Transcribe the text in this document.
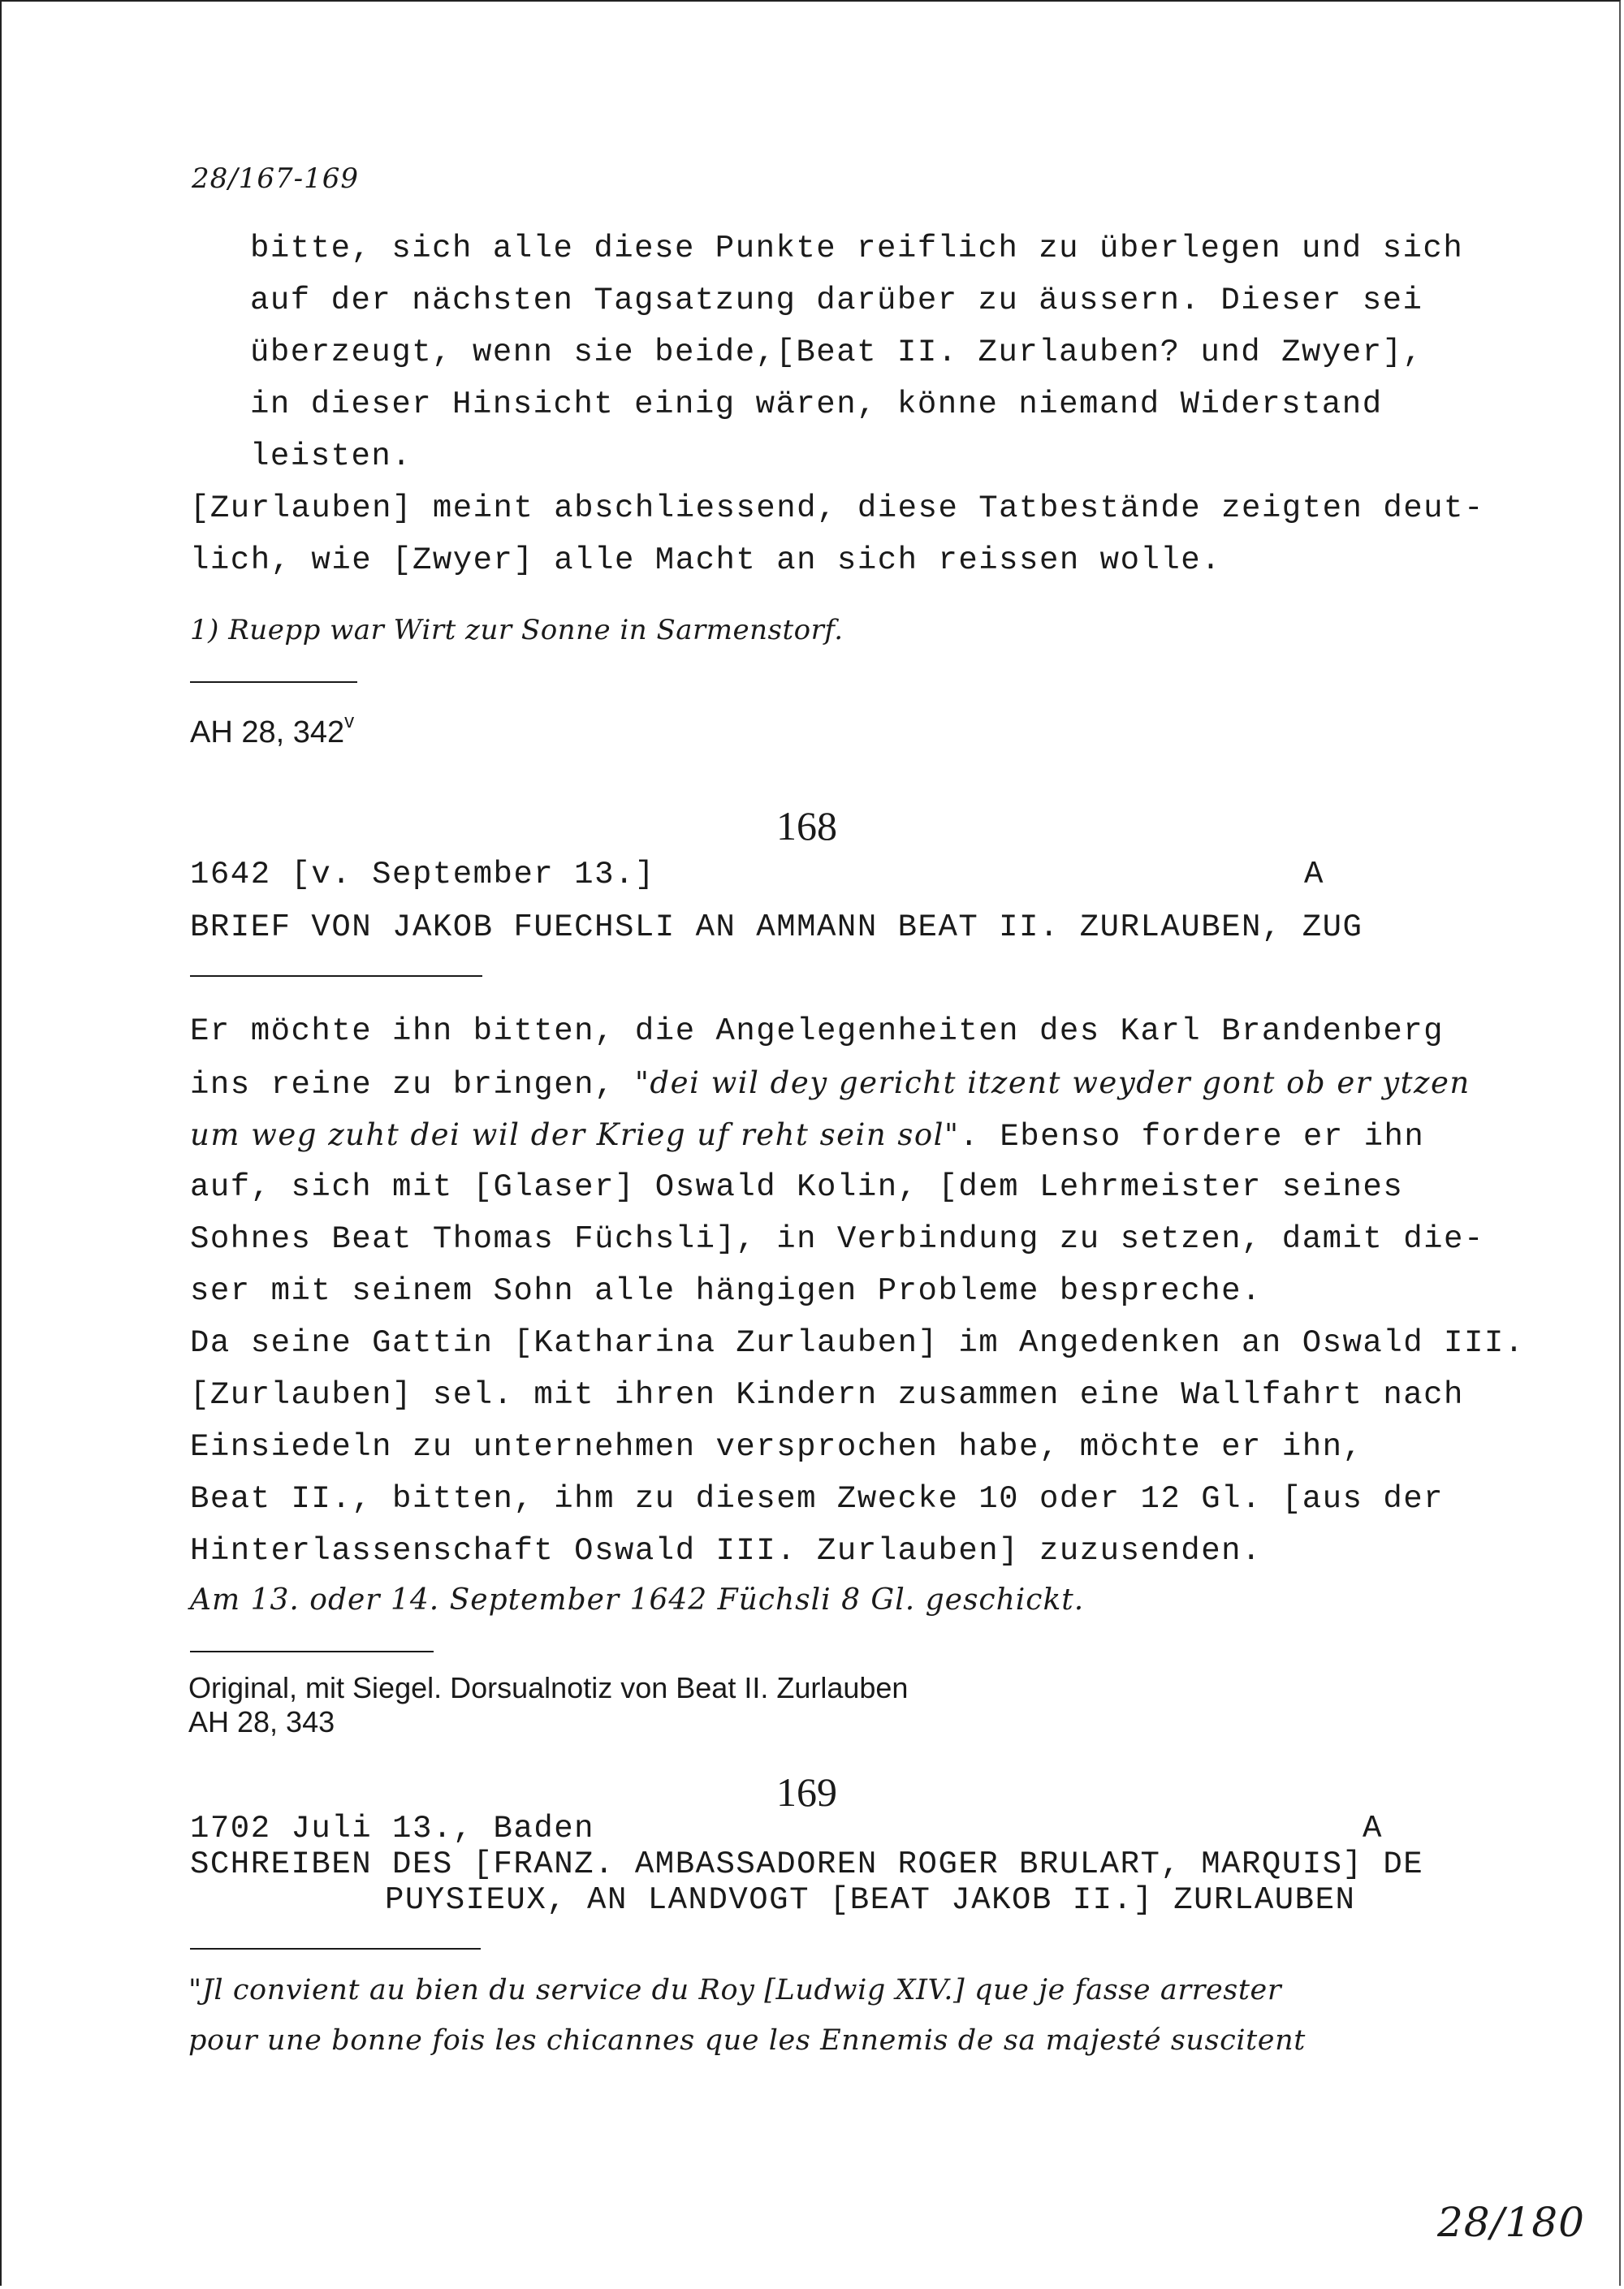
28/167-169
bitte, sich alle diese Punkte reiflich zu überlegen und sich
auf der nächsten Tagsatzung darüber zu äussern. Dieser sei
überzeugt, wenn sie beide,[Beat II. Zurlauben? und Zwyer],
in dieser Hinsicht einig wären, könne niemand Widerstand
leisten.
[Zurlauben] meint abschliessend, diese Tatbestände zeigten deut-
lich, wie [Zwyer] alle Macht an sich reissen wolle.
1) Ruepp war Wirt zur Sonne in Sarmenstorf.
AH 28, 342$^v$
168
1642 [v. September 13.]	A
BRIEF VON JAKOB FUECHSLI AN AMMANN BEAT II. ZURLAUBEN, ZUG
Er möchte ihn bitten, die Angelegenheiten des Karl Brandenberg
ins reine zu bringen, "dei wil dey gericht itzent weyder gont ob er ytzen
um weg zuht dei wil der Krieg uf reht sein sol". Ebenso fordere er ihn
auf, sich mit [Glaser] Oswald Kolin, [dem Lehrmeister seines
Sohnes Beat Thomas Füchsli], in Verbindung zu setzen, damit die-
ser mit seinem Sohn alle hängigen Probleme bespreche.
Da seine Gattin [Katharina Zurlauben] im Angedenken an Oswald III.
[Zurlauben] sel. mit ihren Kindern zusammen eine Wallfahrt nach
Einsiedeln zu unternehmen versprochen habe, möchte er ihn,
Beat II., bitten, ihm zu diesem Zwecke 10 oder 12 Gl. [aus der
Hinterlassenschaft Oswald III. Zurlauben] zuzusenden.
Am 13. oder 14. September 1642 Füchsli 8 Gl. geschickt.
Original, mit Siegel. Dorsualnotiz von Beat II. Zurlauben
AH 28, 343
169
1702 Juli 13., Baden	A
SCHREIBEN DES [FRANZ. AMBASSADOREN ROGER BRULART, MARQUIS] DE
PUYSIEUX, AN LANDVOGT [BEAT JAKOB II.] ZURLAUBEN
"Jl convient au bien du service du Roy [Ludwig XIV.] que je fasse arrester
pour une bonne fois les chicannes que les Ennemis de sa majesté suscitent
28/180
